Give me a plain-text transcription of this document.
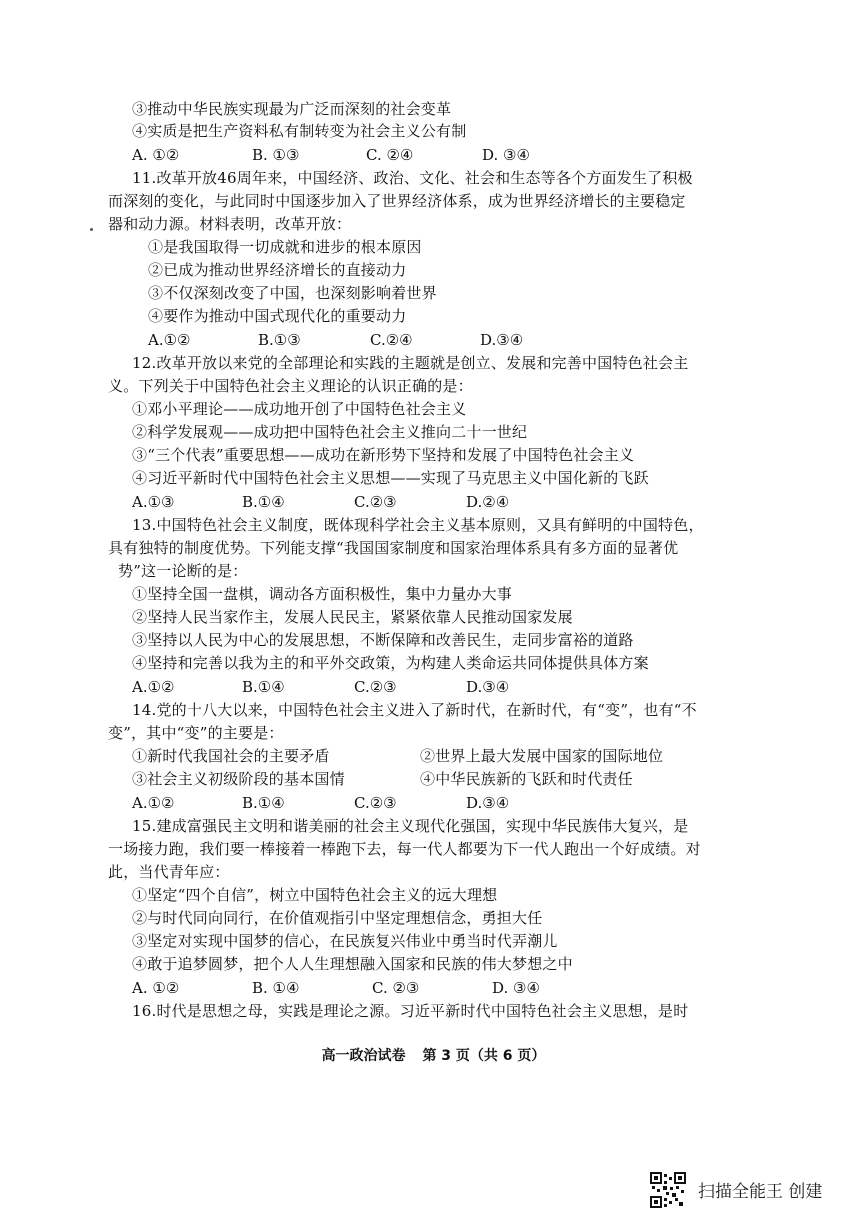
③推动中华民族实现最为广泛而深刻的社会变革
④实质是把生产资料私有制转变为社会主义公有制
A. ①②	B. ①③	C. ②④	D. ③④
11.改革开放46周年来，中国经济、政治、文化、社会和生态等各个方面发生了积极
而深刻的变化，与此同时中国逐步加入了世界经济体系，成为世界经济增长的主要稳定
器和动力源。材料表明，改革开放：
①是我国取得一切成就和进步的根本原因
②已成为推动世界经济增长的直接动力
③不仅深刻改变了中国，也深刻影响着世界
④要作为推动中国式现代化的重要动力
A.①②	B.①③	C.②④	D.③④
12.改革开放以来党的全部理论和实践的主题就是创立、发展和完善中国特色社会主
义。下列关于中国特色社会主义理论的认识正确的是：
①邓小平理论——成功地开创了中国特色社会主义
②科学发展观——成功把中国特色社会主义推向二十一世纪
③“三个代表”重要思想——成功在新形势下坚持和发展了中国特色社会主义
④习近平新时代中国特色社会主义思想——实现了马克思主义中国化新的飞跃
A.①③	B.①④	C.②③	D.②④
13.中国特色社会主义制度，既体现科学社会主义基本原则，又具有鲜明的中国特色，
具有独特的制度优势。下列能支撑“我国国家制度和国家治理体系具有多方面的显著优
势”这一论断的是：
①坚持全国一盘棋，调动各方面积极性，集中力量办大事
②坚持人民当家作主，发展人民民主，紧紧依靠人民推动国家发展
③坚持以人民为中心的发展思想，不断保障和改善民生，走同步富裕的道路
④坚持和完善以我为主的和平外交政策，为构建人类命运共同体提供具体方案
A.①②	B.①④	C.②③	D.③④
14.党的十八大以来，中国特色社会主义进入了新时代，在新时代，有“变”，也有“不
变”，其中“变”的主要是：
①新时代我国社会的主要矛盾	②世界上最大发展中国家的国际地位
③社会主义初级阶段的基本国情	④中华民族新的飞跃和时代责任
A.①②	B.①④	C.②③	D.③④
15.建成富强民主文明和谐美丽的社会主义现代化强国，实现中华民族伟大复兴，是
一场接力跑，我们要一棒接着一棒跑下去，每一代人都要为下一代人跑出一个好成绩。对
此，当代青年应：
①坚定“四个自信”，树立中国特色社会主义的远大理想
②与时代同向同行，在价值观指引中坚定理想信念，勇担大任
③坚定对实现中国梦的信心，在民族复兴伟业中勇当时代弄潮儿
④敢于追梦圆梦，把个人人生理想融入国家和民族的伟大梦想之中
A. ①②	B. ①④	C. ②③	D. ③④
16.时代是思想之母，实践是理论之源。习近平新时代中国特色社会主义思想，是时
高一政治试卷 第 3 页（共 6 页）
扫描全能王 创建
